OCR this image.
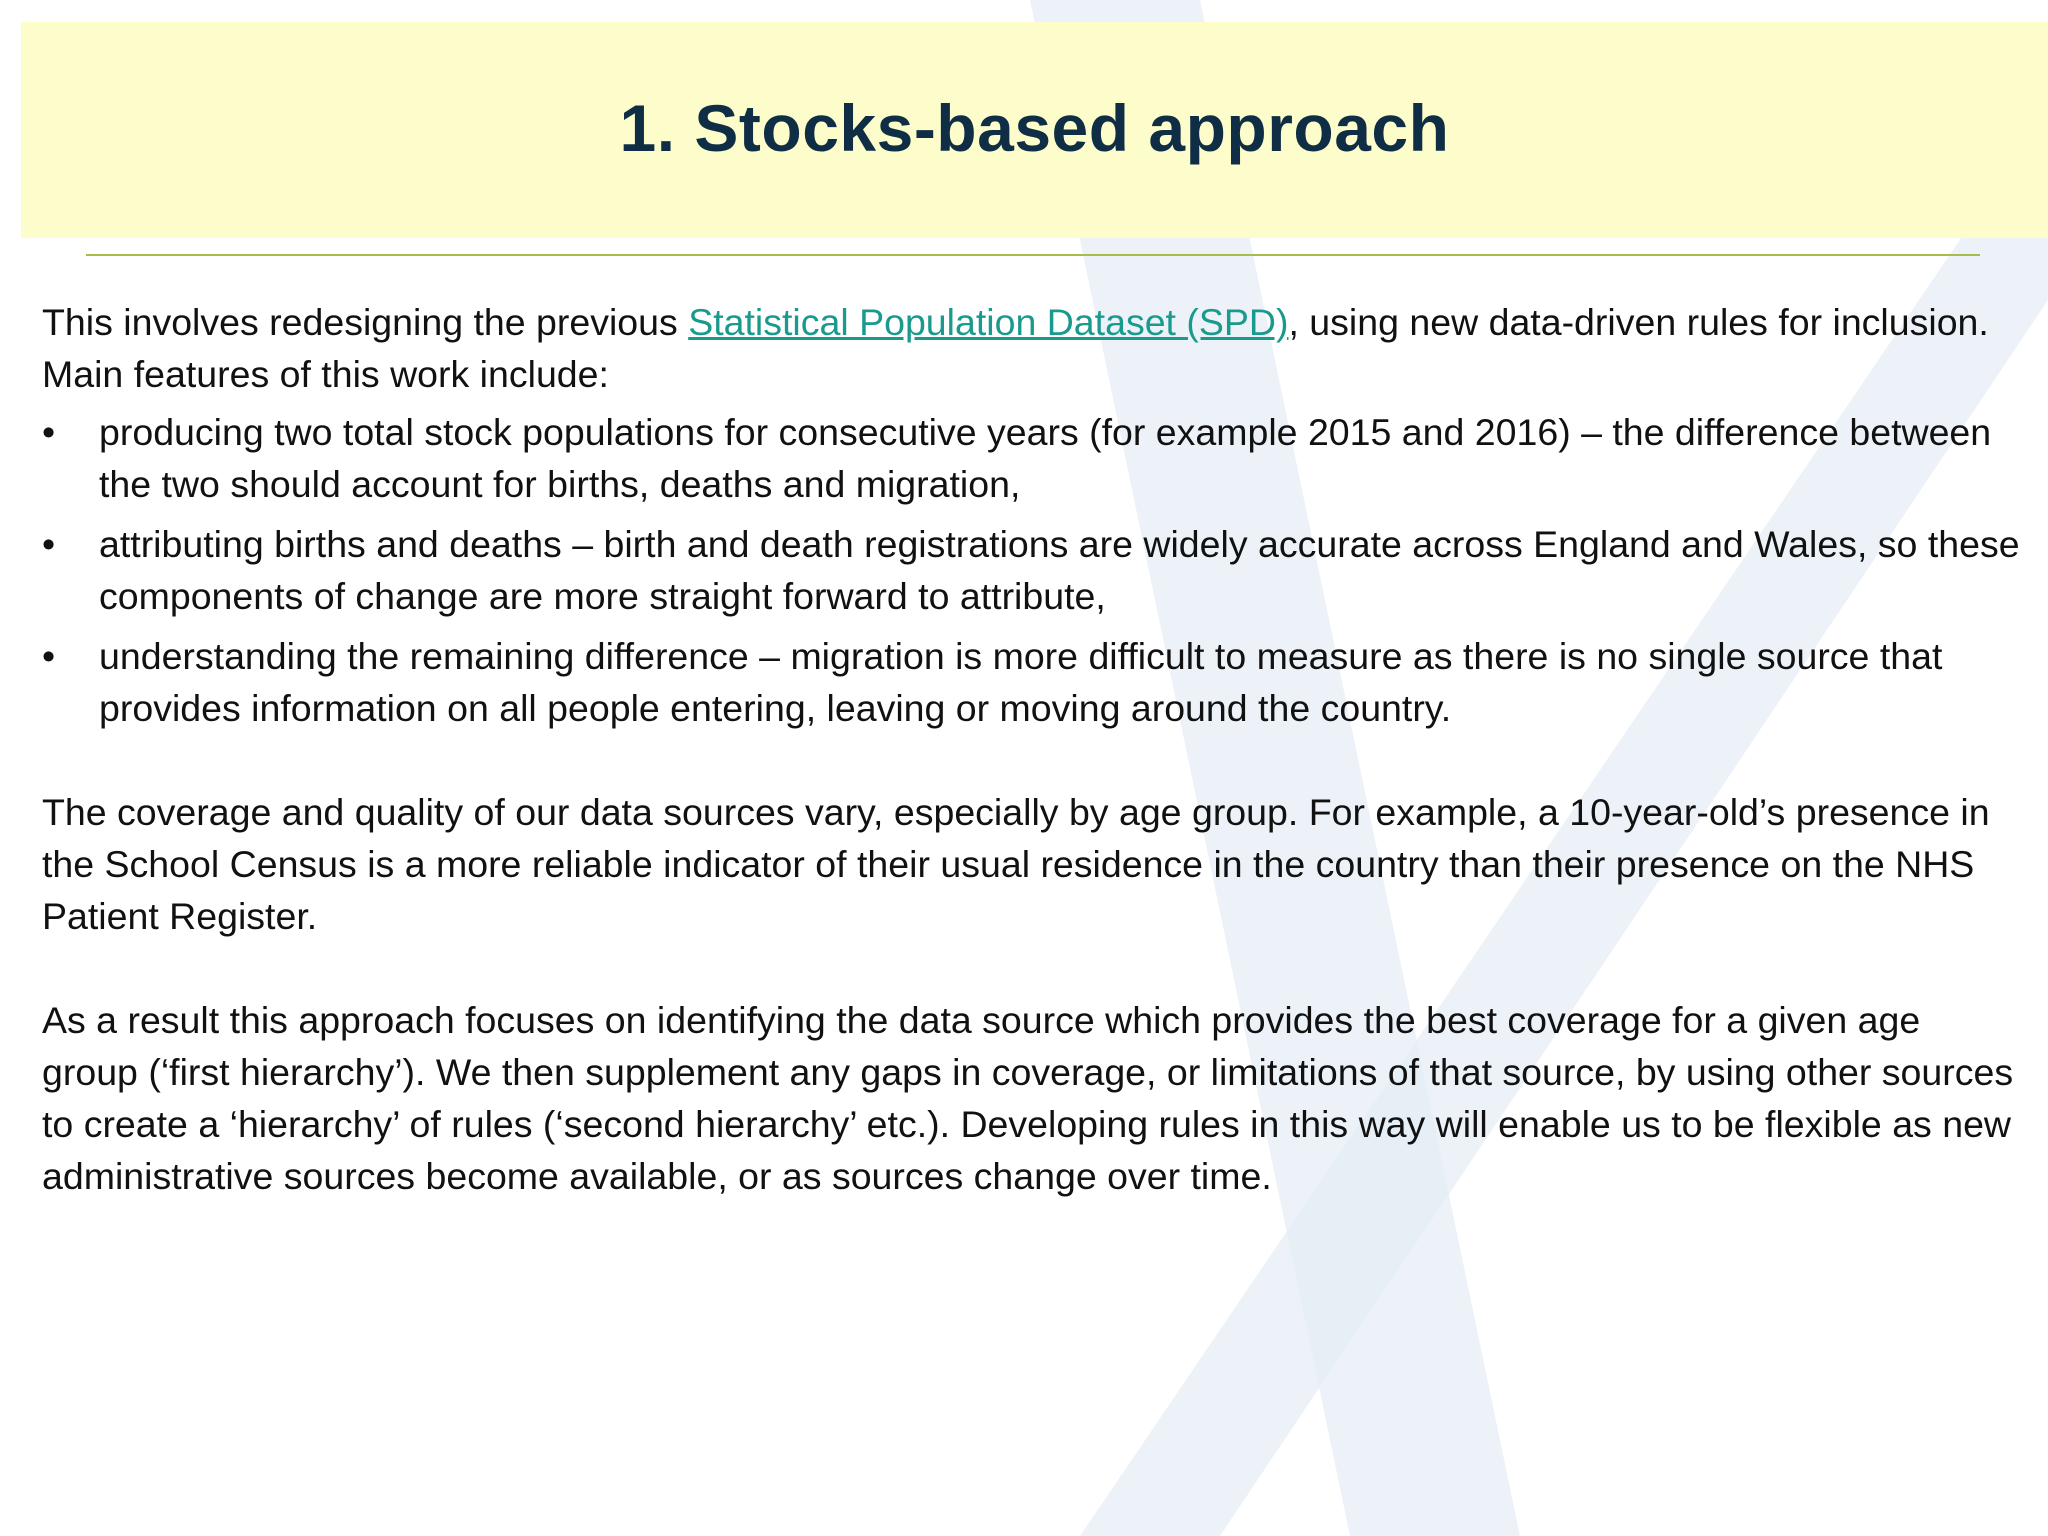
1. Stocks-based approach

This involves redesigning the previous Statistical Population Dataset (SPD), using new data-driven rules for inclusion. Main features of this work include:

• producing two total stock populations for consecutive years (for example 2015 and 2016) – the difference between the two should account for births, deaths and migration,
• attributing births and deaths – birth and death registrations are widely accurate across England and Wales, so these components of change are more straight forward to attribute,
• understanding the remaining difference – migration is more difficult to measure as there is no single source that provides information on all people entering, leaving or moving around the country.

The coverage and quality of our data sources vary, especially by age group. For example, a 10-year-old’s presence in the School Census is a more reliable indicator of their usual residence in the country than their presence on the NHS Patient Register.

As a result this approach focuses on identifying the data source which provides the best coverage for a given age group (‘first hierarchy’). We then supplement any gaps in coverage, or limitations of that source, by using other sources to create a ‘hierarchy’ of rules (‘second hierarchy’ etc.). Developing rules in this way will enable us to be flexible as new administrative sources become available, or as sources change over time.
